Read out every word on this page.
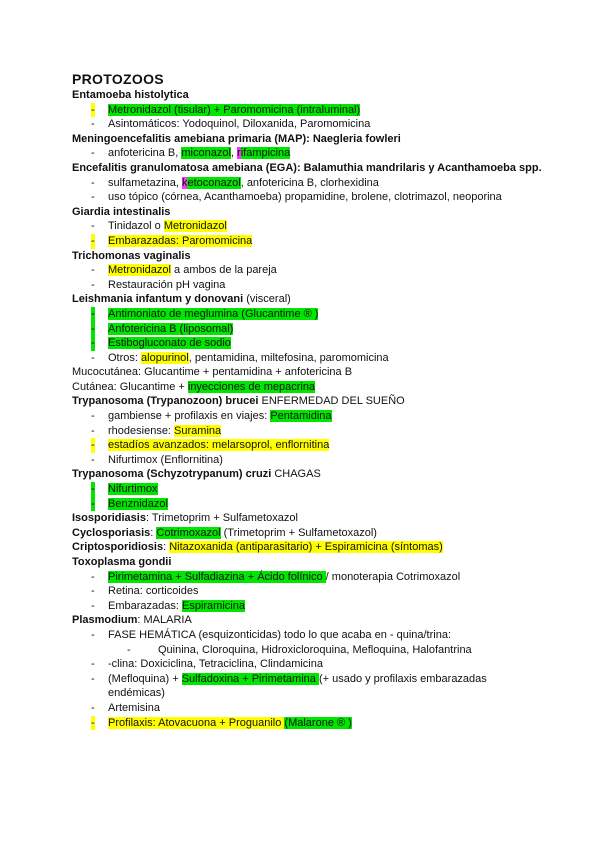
PROTOZOOS
Entamoeba histolytica
- Metronidazol (tisular) + Paromomicina (intraluminal)
- Asintomáticos: Yodoquinol, Diloxanida, Paromomicina
Meningoencefalitis amebiana primaria (MAP): Naegleria fowleri
- anfotericina B, miconazol, rifampicina
Encefalitis granulomatosa amebiana (EGA): Balamuthia mandrilaris y Acanthamoeba spp.
- sulfametazina, ketoconazol, anfotericina B, clorhexidina
- uso tópico (córnea, Acanthamoeba) propamidine, brolene, clotrimazol, neoporina
Giardia intestinalis
- Tinidazol o Metronidazol
- Embarazadas: Paromomicina
Trichomonas vaginalis
- Metronidazol a ambos de la pareja
- Restauración pH vagina
Leishmania infantum y donovani (visceral)
- Antimoniato de meglumina (Glucantime ® )
- Anfotericina B (liposomal)
- Estibogluconato de sodio
- Otros: alopurinol, pentamidina, miltefosina, paromomicina
Mucocutánea: Glucantime + pentamidina + anfotericina B
Cutánea: Glucantime + inyecciones de mepacrina
Trypanosoma (Trypanozoon) brucei ENFERMEDAD DEL SUEÑO
- gambiense + profilaxis en viajes: Pentamidina
- rhodesiense: Suramina
- estadíos avanzados: melarsoprol, enflornitina
- Nifurtimox (Enflornitina)
Trypanosoma (Schyzotrypanum) cruzi CHAGAS
- Nifurtimox
- Benznidazol
Isosporidiasis: Trimetoprim + Sulfametoxazol
Cyclosporiasis: Cotrimoxazol (Trimetoprim + Sulfametoxazol)
Criptosporidiosis: Nitazoxanida (antiparasitario) + Espiramicina (síntomas)
Toxoplasma gondii
- Pirimetamina + Sulfadiazina + Ácido folínico / monoterapia Cotrimoxazol
- Retina: corticoides
- Embarazadas: Espiramicina
Plasmodium: MALARIA
- FASE HEMÁTICA (esquizonticidas) todo lo que acaba en - quina/trina:
- Quinina, Cloroquina, Hidroxicloroquina, Mefloquina, Halofantrina
- -clina: Doxiciclina, Tetraciclina, Clindamicina
- (Mefloquina) + Sulfadoxina + Pirimetamina (+ usado y profilaxis embarazadas endémicas)
- Artemisina
- Profilaxis: Atovacuona + Proguanilo (Malarone ® )
